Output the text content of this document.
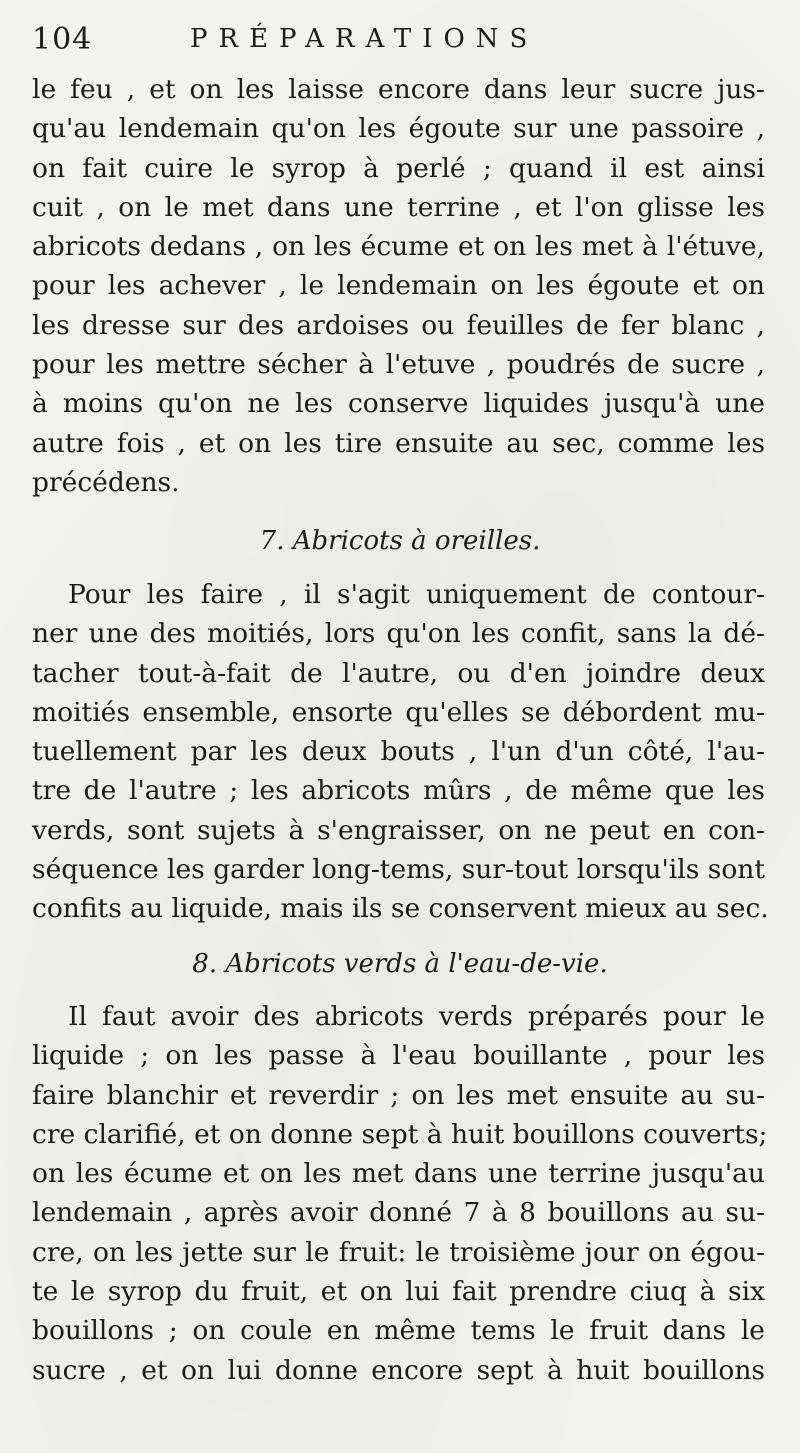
104	PRÉPARATIONS
le feu , et on les laisse encore dans leur sucre jus-
qu'au lendemain qu'on les égoute sur une passoire ,
on fait cuire le syrop à perlé ; quand il est ainsi
cuit , on le met dans une terrine , et l'on glisse les
abricots dedans , on les écume et on les met à l'étuve,
pour les achever , le lendemain on les égoute et on
les dresse sur des ardoises ou feuilles de fer blanc ,
pour les mettre sécher à l'etuve , poudrés de sucre ,
à moins qu'on ne les conserve liquides jusqu'à une
autre fois , et on les tire ensuite au sec, comme les
précédens.
7. Abricots à oreilles.
Pour les faire , il s'agit uniquement de contour-
ner une des moitiés, lors qu'on les confit, sans la dé-
tacher tout-à-fait de l'autre, ou d'en joindre deux
moitiés ensemble, ensorte qu'elles se débordent mu-
tuellement par les deux bouts , l'un d'un côté, l'au-
tre de l'autre ; les abricots mûrs , de même que les
verds, sont sujets à s'engraisser, on ne peut en con-
séquence les garder long-tems, sur-tout lorsqu'ils sont
confits au liquide, mais ils se conservent mieux au sec.
8. Abricots verds à l'eau-de-vie.
Il faut avoir des abricots verds préparés pour le
liquide ; on les passe à l'eau bouillante , pour les
faire blanchir et reverdir ; on les met ensuite au su-
cre clarifié, et on donne sept à huit bouillons couverts;
on les écume et on les met dans une terrine jusqu'au
lendemain , après avoir donné 7 à 8 bouillons au su-
cre, on les jette sur le fruit: le troisième jour on égou-
te le syrop du fruit, et on lui fait prendre ciuq à six
bouillons ; on coule en même tems le fruit dans le
sucre , et on lui donne encore sept à huit bouillons
